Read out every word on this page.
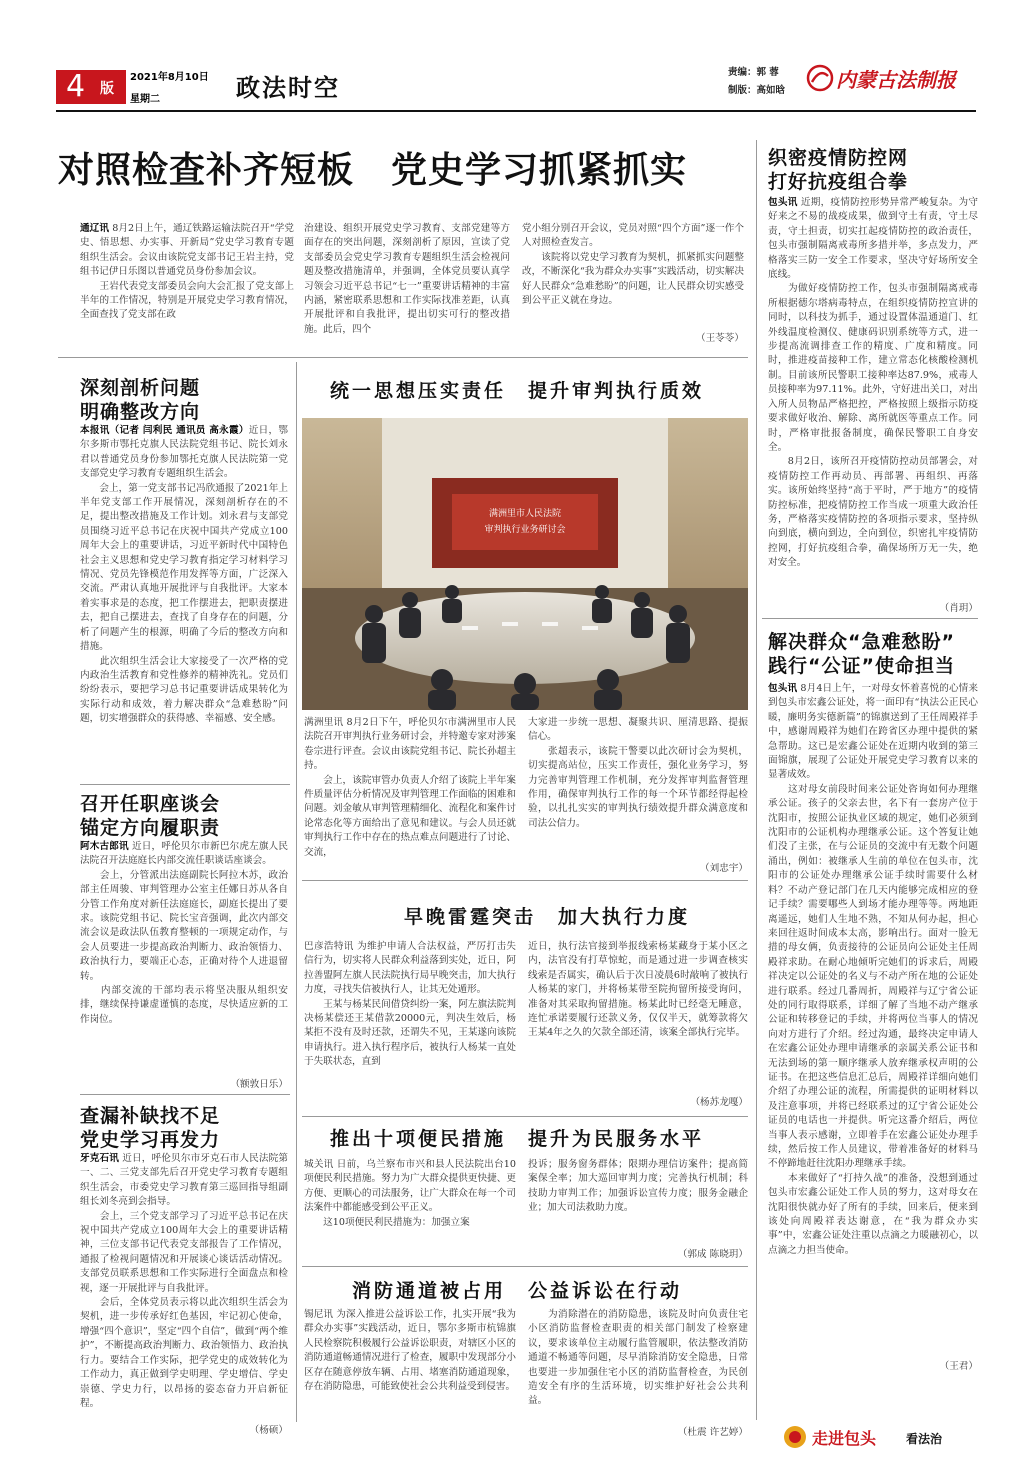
4 版
2021年8月10日
星期二	政法时空
责编：郭 蓉
制版：高如晗	内蒙古法制报
对照检查补齐短板　党史学习抓紧抓实
通辽讯 8月2日上午，通辽铁路运输法院召开“学党史、悟思想、办实事、开新局”党史学习教育专题组织生活会。会议由该院党支部书记王岩主持，党组书记伊日乐图以普通党员身份参加会议。
　　王岩代表党支部委员会向大会汇报了党支部上半年的工作情况，特别是开展党史学习教育情况，全面查找了党支部在政
治建设、组织开展党史学习教育、支部党建等方面存在的突出问题，深刻剖析了原因，宣读了党支部委员会党史学习教育专题组织生活会检视问题及整改措施清单，并强调，全体党员要认真学习领会习近平总书记“七一”重要讲话精神的丰富内涵，紧密联系思想和工作实际找准差距，认真开展批评和自我批评，提出切实可行的整改措施。此后，四个
党小组分别召开会议，党员对照“四个方面”逐一作个人对照检查发言。
　　该院将以党史学习教育为契机，抓紧抓实问题整改，不断深化“我为群众办实事”实践活动，切实解决好人民群众“急难愁盼”的问题，让人民群众切实感受到公平正义就在身边。
（王苓苓）
织密疫情防控网
打好抗疫组合拳
包头讯 近期，疫情防控形势异常严峻复杂。为守好来之不易的战疫成果，做到守土有责，守土尽责，守土担责，切实扛起疫情防控的政治责任，包头市强制隔离戒毒所多措并举，多点发力，严格落实三防一安全工作要求，坚决守好场所安全底线。
　　为做好疫情防控工作，包头市强制隔离戒毒所根据德尔塔病毒特点，在组织疫情防控宣讲的同时，以科技为抓手，通过设置体温通道门、红外线温度检测仪、健康码识别系统等方式，进一步提高流调排查工作的精度、广度和精度。同时，推进疫苗接种工作，建立常态化核酸检测机制。目前该所民警职工接种率达87.9%，戒毒人员接种率为97.11%。此外，守好进出关口，对出入所人员物品严格把控，严格按照上级指示防疫要求做好收治、解除、离所就医等重点工作。同时，严格审批报备制度，确保民警职工自身安全。
　　8月2日，该所召开疫情防控动员部署会，对疫情防控工作再动员、再部署、再组织、再落实。该所始终坚持“高于平时，严于地方”的疫情防控标准，把疫情防控工作当成一项重大政治任务，严格落实疫情防控的各项指示要求，坚持纵向到底，横向到边，全向到位，织密扎牢疫情防控网，打好抗疫组合拳，确保场所万无一失，绝对安全。
（肖玥）
解决群众“急难愁盼”
践行“公证”使命担当
包头讯 8月4日上午，一对母女怀着喜悦的心情来到包头市宏鑫公证处，将一面印有“执法公正民心暖，廉明务实德新篇”的锦旗送到了王任周殿祥手中，感谢周殿祥为她们在跨省区办理中提供的紧急帮助。这已是宏鑫公证处在近期内收到的第三面锦旗，展现了公证处开展党史学习教育以来的显著成效。
　　这对母女前段时间来公证处咨询如何办理继承公证。孩子的父亲去世，名下有一套房产位于沈阳市，按照公证执业区域的规定，她们必须到沈阳市的公证机构办理继承公证。这个答复让她们没了主张，在与公证员的交流中有无数个问题涌出，例如：被继承人生前的单位在包头市，沈阳市的公证处办理继承公证手续时需要什么材料？不动产登记部门在几天内能够完成相应的登记手续？需要哪些人到场才能办理等等。两地距离遥远，她们人生地不熟，不知从何办起，担心来回往返时间成本太高，影响出行。面对一脸无措的母女俩，负责接待的公证员向公证处主任周殿祥求助。在耐心地倾听完她们的诉求后，周殿祥决定以公证处的名义与不动产所在地的公证处进行联系。经过几番周折，周殿祥与辽宁省公证处的同行取得联系，详细了解了当地不动产继承公证和转移登记的手续，并将两位当事人的情况向对方进行了介绍。经过沟通，最终决定申请人在宏鑫公证处办理申请继承的亲属关系公证书和无法到场的第一顺序继承人放弃继承权声明的公证书。在把这些信息汇总后，周殿祥详细向她们介绍了办理公证的流程，所需提供的证明材料以及注意事项，并将已经联系过的辽宁省公证处公证员的电话也一并提供。听完这番介绍后，两位当事人表示感谢，立即着手在宏鑫公证处办理手续，然后按工作人员建议，带着准备好的材料马不停蹄地赶往沈阳办理继承手续。
　　本来做好了“打持久战”的准备，没想到通过包头市宏鑫公证处工作人员的努力，这对母女在沈阳很快就办好了所有的手续，回来后，便来到该处向周殿祥表达谢意，在“我为群众办实事”中，宏鑫公证处注重以点滴之力暖融初心，以点滴之力担当使命。
（王君）
走进包头 看法治
深刻剖析问题
明确整改方向
本报讯（记者 闫利民 通讯员 高永霞）近日，鄂尔多斯市鄂托克旗人民法院党组书记、院长刘永君以普通党员身份参加鄂托克旗人民法院第一党支部党史学习教育专题组织生活会。
　　会上，第一党支部书记冯欣通报了2021年上半年党支部工作开展情况，深刻剖析存在的不足，提出整改措施及工作计划。刘永君与支部党员围绕习近平总书记在庆祝中国共产党成立100周年大会上的重要讲话，习近平新时代中国特色社会主义思想和党史学习教育指定学习材料学习情况、党员先锋模范作用发挥等方面，广泛深入交流。严肃认真地开展批评与自我批评。大家本着实事求是的态度，把工作摆进去，把职责摆进去，把自己摆进去，查找了自身存在的问题，分析了问题产生的根源，明确了今后的整改方向和措施。
　　此次组织生活会让大家接受了一次严格的党内政治生活教育和党性修养的精神洗礼。党员们纷纷表示，要把学习总书记重要讲话成果转化为实际行动和成效，着力解决群众“急难愁盼”问题，切实增强群众的获得感、幸福感、安全感。
召开任职座谈会
锚定方向履职责
阿木古郎讯 近日，呼伦贝尔市新巴尔虎左旗人民法院召开法庭庭长内部交流任职谈话座谈会。
　　会上，分管派出法庭副院长阿拉木苏，政治部主任周骏、审判管理办公室主任娜日苏从各自分管工作角度对新任法庭庭长，副庭长提出了要求。该院党组书记、院长宝音强调，此次内部交流会议是政法队伍教育整顿的一项规定动作，与会人员要进一步提高政治判断力、政治领悟力、政治执行力，要端正心态，正确对待个人进退留转。
　　内部交流的干部均表示将坚决服从组织安排，继续保持谦虚谨慎的态度，尽快适应新的工作岗位。
（额敦日乐）
查漏补缺找不足
党史学习再发力
牙克石讯 近日，呼伦贝尔市牙克石市人民法院第一、二、三党支部先后召开党史学习教育专题组织生活会，市委党史学习教育第三巡回指导组副组长刘冬亮到会指导。
　　会上，三个党支部学习了习近平总书记在庆祝中国共产党成立100周年大会上的重要讲话精神，三位支部书记代表党支部报告了工作情况，通报了检视问题情况和开展谈心谈话活动情况。支部党员联系思想和工作实际进行全面盘点和检视，逐一开展批评与自我批评。
　　会后，全体党员表示将以此次组织生活会为契机，进一步传承好红色基因，牢记初心使命，增强“四个意识”，坚定“四个自信”，做到“两个维护”，不断提高政治判断力、政治领悟力、政治执行力。要结合工作实际，把学党史的成效转化为工作动力，真正做到学史明理、学史增信、学史崇德、学史力行，以昂扬的姿态奋力开启新征程。
（杨硕）
统一思想压实责任　提升审判执行质效
满洲里市人民法院
审判执行业务研讨会
满洲里讯 8月2日下午，呼伦贝尔市满洲里市人民法院召开审判执行业务研讨会，并特邀专家对涉案卷宗进行评查。会议由该院党组书记、院长孙超主持。
　　会上，该院审管办负责人介绍了该院上半年案件质量评估分析情况及审判管理工作面临的困难和问题。刘金敏从审判管理精细化、流程化和案件讨论常态化等方面给出了意见和建议。与会人员还就审判执行工作中存在的热点难点问题进行了讨论、交流，
大家进一步统一思想、凝聚共识、厘清思路、提振信心。
　　张超表示，该院干警要以此次研讨会为契机，切实提高站位，压实工作责任，强化业务学习，努力完善审判管理工作机制，充分发挥审判监督管理作用，确保审判执行工作的每一个环节都经得起检验，以扎扎实实的审判执行绩效提升群众满意度和司法公信力。
（刘忠宇）
早晚雷霆突击　加大执行力度
巴彦浩特讯 为维护申请人合法权益，严厉打击失信行为，切实将人民群众利益落到实处，近日，阿拉善盟阿左旗人民法院执行局早晚突击，加大执行力度，寻找失信被执行人，让其无处遁形。
　　王某与杨某民间借贷纠纷一案，阿左旗法院判决杨某偿还王某借款20000元，判决生效后，杨某拒不没有及时还款，还谓失不见，王某遂向该院申请执行。进入执行程序后，被执行人杨某一直处于失联状态，直到
近日，执行法官接到举报线索杨某藏身于某小区之内，法官没有打草惊蛇，而是通过进一步调查核实线索是否属实，确认后于次日凌晨6时敲响了被执行人杨某的家门，并将杨某带至院拘留所接受询问，准备对其采取拘留措施。杨某此时已经毫无睡意，连忙承诺要履行还款义务，仅仅半天，就筹款将欠王某4年之久的欠款全部还清，该案全部执行完毕。
（杨苏龙嘎）
推出十项便民措施　提升为民服务水平
城关讯 日前，乌兰察布市兴和县人民法院出台10项便民利民措施。努力为广大群众提供更快捷、更方便、更顺心的司法服务，让广大群众在每一个司法案件中都能感受到公平正义。
　　这10项便民利民措施为：加强立案
投诉；服务窗务群体；限期办理信访案件；提高简案保全率；加大巡回审判力度；完善执行机制；科技助力审判工作；加强诉讼宣传力度；服务金融企业；加大司法救助力度。
（郭成 陈晓玥）
消防通道被占用　公益诉讼在行动
锡尼讯 为深入推进公益诉讼工作，扎实开展“我为群众办实事”实践活动，近日，鄂尔多斯市杭锦旗人民检察院积极履行公益诉讼职责，对辖区小区的消防通道畅通情况进行了检查，履职中发现部分小区存在随意停放车辆、占用、堵塞消防通道现象，存在消防隐患，可能致使社会公共利益受到侵害。
　　为消除潜在的消防隐患，该院及时向负责住宅小区消防监督检查职责的相关部门制发了检察建议，要求该单位主动履行监管履职，依法整改消防通道不畅通等问题，尽早消除消防安全隐患，日常也要进一步加强住宅小区的消防监督检查，为民创造安全有序的生活环境，切实维护好社会公共利益。
（杜震 许艺婷）
